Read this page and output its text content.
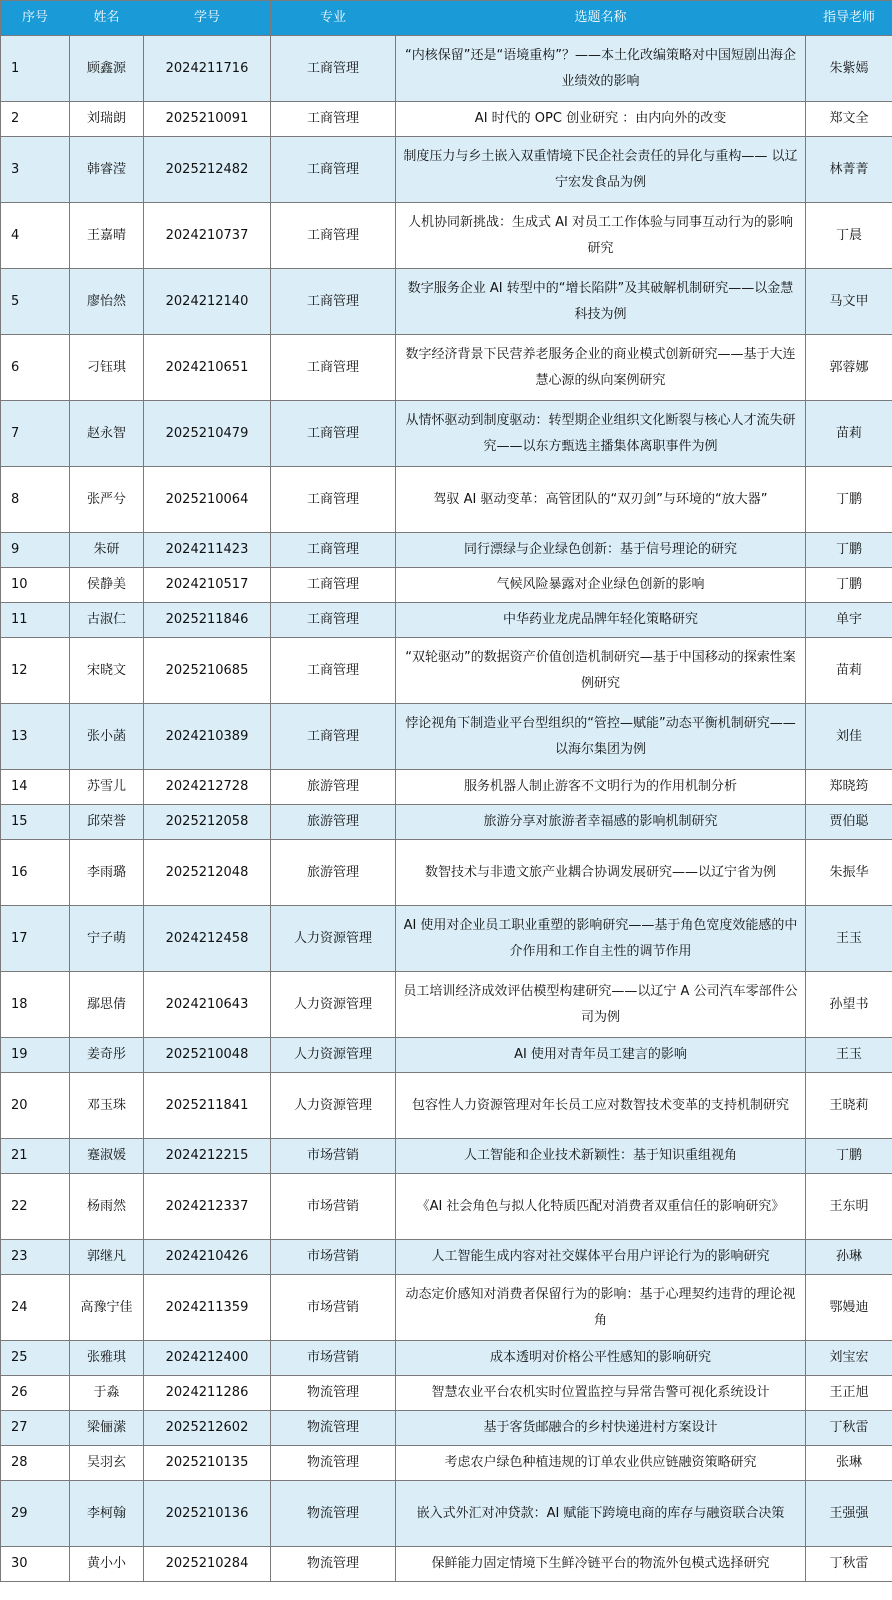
序号	姓名	学号	专业	选题名称	指导老师
1	顾鑫源	2024211716	工商管理	“内核保留”还是“语境重构”？——本土化改编策略对中国短剧出海企业绩效的影响	朱紫嫣
2	刘瑞朗	2025210091	工商管理	AI 时代的 OPC 创业研究 ：由内向外的改变	郑文全
3	韩睿滢	2025212482	工商管理	制度压力与乡土嵌入双重情境下民企社会责任的异化与重构—— 以辽宁宏发食品为例	林菁菁
4	王嘉晴	2024210737	工商管理	人机协同新挑战：生成式 AI 对员工工作体验与同事互动行为的影响研究	丁晨
5	廖怡然	2024212140	工商管理	数字服务企业 AI 转型中的“增长陷阱”及其破解机制研究——以金慧科技为例	马文甲
6	刁钰琪	2024210651	工商管理	数字经济背景下民营养老服务企业的商业模式创新研究——基于大连慧心源的纵向案例研究	郭蓉娜
7	赵永智	2025210479	工商管理	从情怀驱动到制度驱动：转型期企业组织文化断裂与核心人才流失研究——以东方甄选主播集体离职事件为例	苗莉
8	张严兮	2025210064	工商管理	驾驭 AI 驱动变革：高管团队的“双刃剑”与环境的“放大器”	丁鹏
9	朱研	2024211423	工商管理	同行漂绿与企业绿色创新：基于信号理论的研究	丁鹏
10	侯静美	2024210517	工商管理	气候风险暴露对企业绿色创新的影响	丁鹏
11	古淑仁	2025211846	工商管理	中华药业龙虎品牌年轻化策略研究	单宇
12	宋晓文	2025210685	工商管理	“双轮驱动”的数据资产价值创造机制研究—基于中国移动的探索性案例研究	苗莉
13	张小菡	2024210389	工商管理	悖论视角下制造业平台型组织的“管控—赋能”动态平衡机制研究——以海尔集团为例	刘佳
14	苏雪儿	2024212728	旅游管理	服务机器人制止游客不文明行为的作用机制分析	郑晓筠
15	邱荣誉	2025212058	旅游管理	旅游分享对旅游者幸福感的影响机制研究	贾伯聪
16	李雨璐	2025212048	旅游管理	数智技术与非遗文旅产业耦合协调发展研究——以辽宁省为例	朱振华
17	宁子萌	2024212458	人力资源管理	AI 使用对企业员工职业重塑的影响研究——基于角色宽度效能感的中介作用和工作自主性的调节作用	王玉
18	鄢思倩	2024210643	人力资源管理	员工培训经济成效评估模型构建研究——以辽宁 A 公司汽车零部件公司为例	孙望书
19	姜奇彤	2025210048	人力资源管理	AI 使用对青年员工建言的影响	王玉
20	邓玉珠	2025211841	人力资源管理	包容性人力资源管理对年长员工应对数智技术变革的支持机制研究	王晓莉
21	蹇淑媛	2024212215	市场营销	人工智能和企业技术新颖性：基于知识重组视角	丁鹏
22	杨雨然	2024212337	市场营销	《AI 社会角色与拟人化特质匹配对消费者双重信任的影响研究》	王东明
23	郭继凡	2024210426	市场营销	人工智能生成内容对社交媒体平台用户评论行为的影响研究	孙琳
24	高豫宁佳	2024211359	市场营销	动态定价感知对消费者保留行为的影响：基于心理契约违背的理论视角	鄂嫚迪
25	张雅琪	2024212400	市场营销	成本透明对价格公平性感知的影响研究	刘宝宏
26	于淼	2024211286	物流管理	智慧农业平台农机实时位置监控与异常告警可视化系统设计	王正旭
27	梁俪潆	2025212602	物流管理	基于客货邮融合的乡村快递进村方案设计	丁秋雷
28	吴羽玄	2025210135	物流管理	考虑农户绿色种植违规的订单农业供应链融资策略研究	张琳
29	李柯翰	2025210136	物流管理	嵌入式外汇对冲贷款：AI 赋能下跨境电商的库存与融资联合决策	王强强
30	黄小小	2025210284	物流管理	保鲜能力固定情境下生鲜冷链平台的物流外包模式选择研究	丁秋雷
